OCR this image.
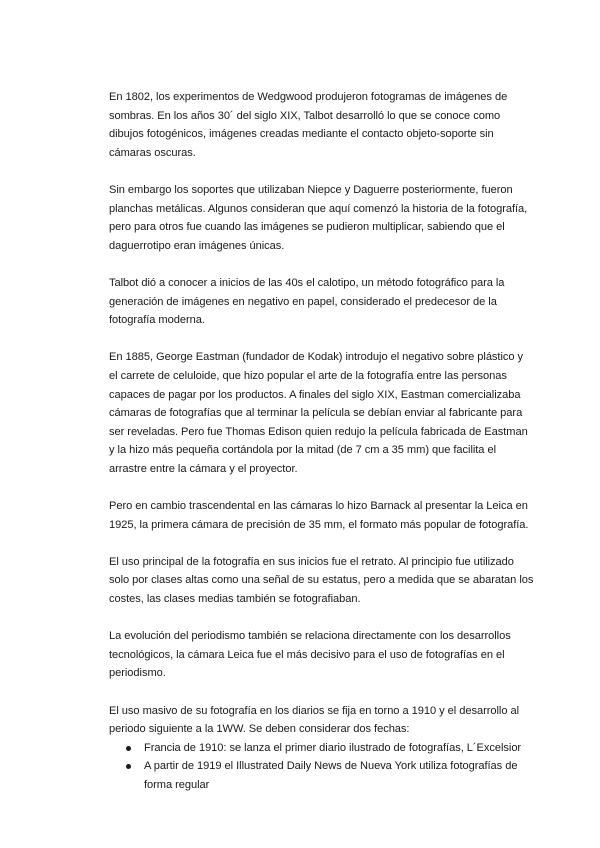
En 1802, los experimentos de Wedgwood produjeron fotogramas de imágenes de sombras. En los años 30´ del siglo XIX, Talbot desarrolló lo que se conoce como dibujos fotogénicos, imágenes creadas mediante el contacto objeto-soporte sin cámaras oscuras.

Sin embargo los soportes que utilizaban Niepce y Daguerre posteriormente, fueron planchas metálicas. Algunos consideran que aquí comenzó la historia de la fotografía, pero para otros fue cuando las imágenes se pudieron multiplicar, sabiendo que el daguerrotipo eran imágenes únicas.

Talbot dió a conocer a inicios de las 40s el calotipo, un método fotográfico para la generación de imágenes en negativo en papel, considerado el predecesor de la fotografía moderna.

En 1885, George Eastman (fundador de Kodak) introdujo el negativo sobre plástico y el carrete de celuloide, que hizo popular el arte de la fotografía entre las personas capaces de pagar por los productos. A finales del siglo XIX, Eastman comercializaba cámaras de fotografías que al terminar la película se debían enviar al fabricante para ser reveladas. Pero fue Thomas Edison quien redujo la película fabricada de Eastman y la hizo más pequeña cortándola por la mitad (de 7 cm a 35 mm) que facilita el arrastre entre la cámara y el proyector.

Pero en cambio trascendental en las cámaras lo hizo Barnack al presentar la Leica en 1925, la primera cámara de precisión de 35 mm, el formato más popular de fotografía.

El uso principal de la fotografía en sus inicios fue el retrato. Al principio fue utilizado solo por clases altas como una señal de su estatus, pero a medida que se abaratan los costes, las clases medias también se fotografiaban.

La evolución del periodismo también se relaciona directamente con los desarrollos tecnológicos, la cámara Leica fue el más decisivo para el uso de fotografías en el periodismo.

El uso masivo de su fotografía en los diarios se fija en torno a 1910 y el desarrollo al periodo siguiente a la 1WW. Se deben considerar dos fechas:

Francia de 1910: se lanza el primer diario ilustrado de fotografías, L´Excelsior
A partir de 1919 el Illustrated Daily News de Nueva York utiliza fotografías de forma regular
